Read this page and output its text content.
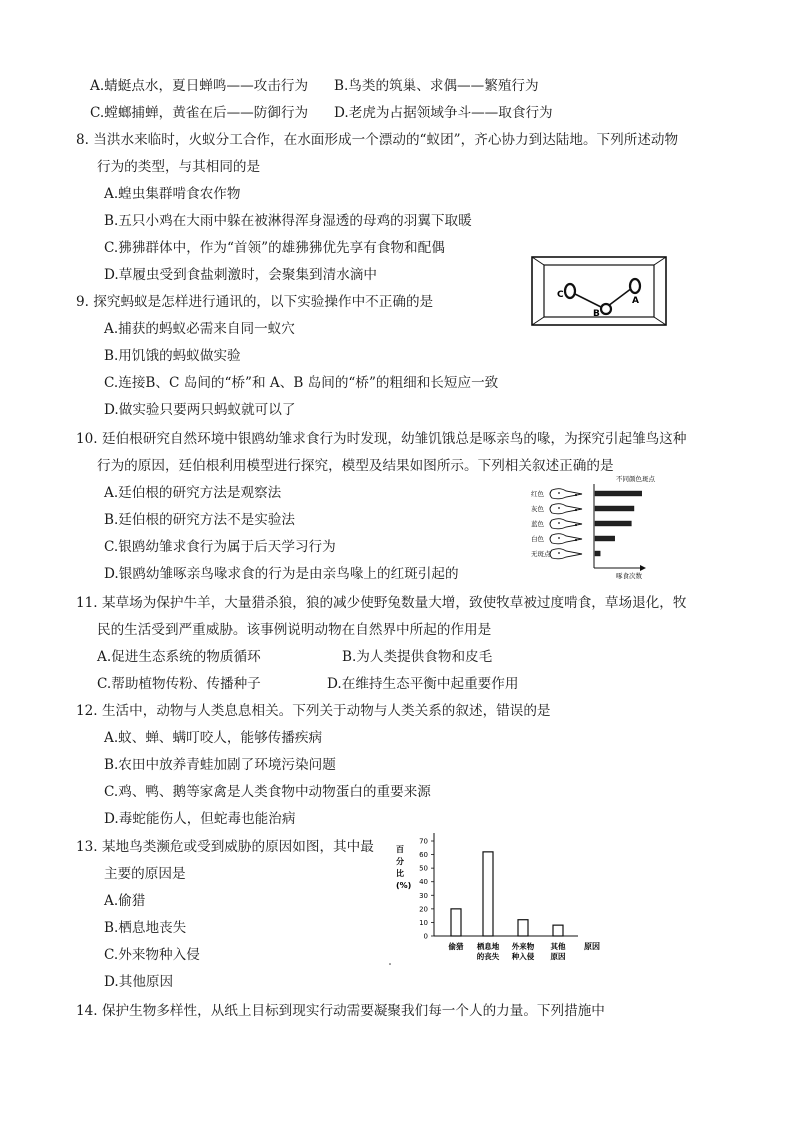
A.蜻蜓点水，夏日蝉鸣——攻击行为 B.鸟类的筑巢、求偶——繁殖行为
C.螳螂捕蝉，黄雀在后——防御行为 D.老虎为占据领域争斗——取食行为
8. 当洪水来临时，火蚁分工合作，在水面形成一个漂动的“蚁团”，齐心协力到达陆地。下列所述动物
行为的类型，与其相同的是
A.蝗虫集群啃食农作物
B.五只小鸡在大雨中躲在被淋得浑身湿透的母鸡的羽翼下取暖
C.狒狒群体中，作为“首领”的雄狒狒优先享有食物和配偶
D.草履虫受到食盐刺激时，会聚集到清水滴中
9. 探究蚂蚁是怎样进行通讯的，以下实验操作中不正确的是
A.捕获的蚂蚁必需来自同一蚁穴
B.用饥饿的蚂蚁做实验
C.连接B、C 岛间的“桥”和 A、B 岛间的“桥”的粗细和长短应一致
D.做实验只要两只蚂蚁就可以了
C
B
A
10. 廷伯根研究自然环境中银鸥幼雏求食行为时发现，幼雏饥饿总是啄亲鸟的喙，为探究引起雏鸟这种
行为的原因，廷伯根利用模型进行探究，模型及结果如图所示。下列相关叙述正确的是
A.廷伯根的研究方法是观察法
B.廷伯根的研究方法不是实验法
C.银鸥幼雏求食行为属于后天学习行为
D.银鸥幼雏啄亲鸟喙求食的行为是由亲鸟喙上的红斑引起的
不同颜色斑点
啄食次数
红色
灰色
蓝色
白色
无斑点
11. 某草场为保护牛羊，大量猎杀狼，狼的减少使野兔数量大增，致使牧草被过度啃食，草场退化，牧
民的生活受到严重威胁。该事例说明动物在自然界中所起的作用是
A.促进生态系统的物质循环	B.为人类提供食物和皮毛
C.帮助植物传粉、传播种子	D.在维持生态平衡中起重要作用
12. 生活中，动物与人类息息相关。下列关于动物与人类关系的叙述，错误的是
A.蚊、蝉、螨叮咬人，能够传播疾病
B.农田中放养青蛙加剧了环境污染问题
C.鸡、鸭、鹅等家禽是人类食物中动物蛋白的重要来源
D.毒蛇能伤人，但蛇毒也能治病
13. 某地鸟类濒危或受到威胁的原因如图，其中最
主要的原因是
A.偷猎
B.栖息地丧失
C.外来物种入侵
D.其他原因
百
分
比
(%)
原因
0
10
20
30
40
50
60
70
偷猎 栖息地
的丧失
外来物
种入侵
其他
原因
14. 保护生物多样性，从纸上目标到现实行动需要凝聚我们每一个人的力量。下列措施中
